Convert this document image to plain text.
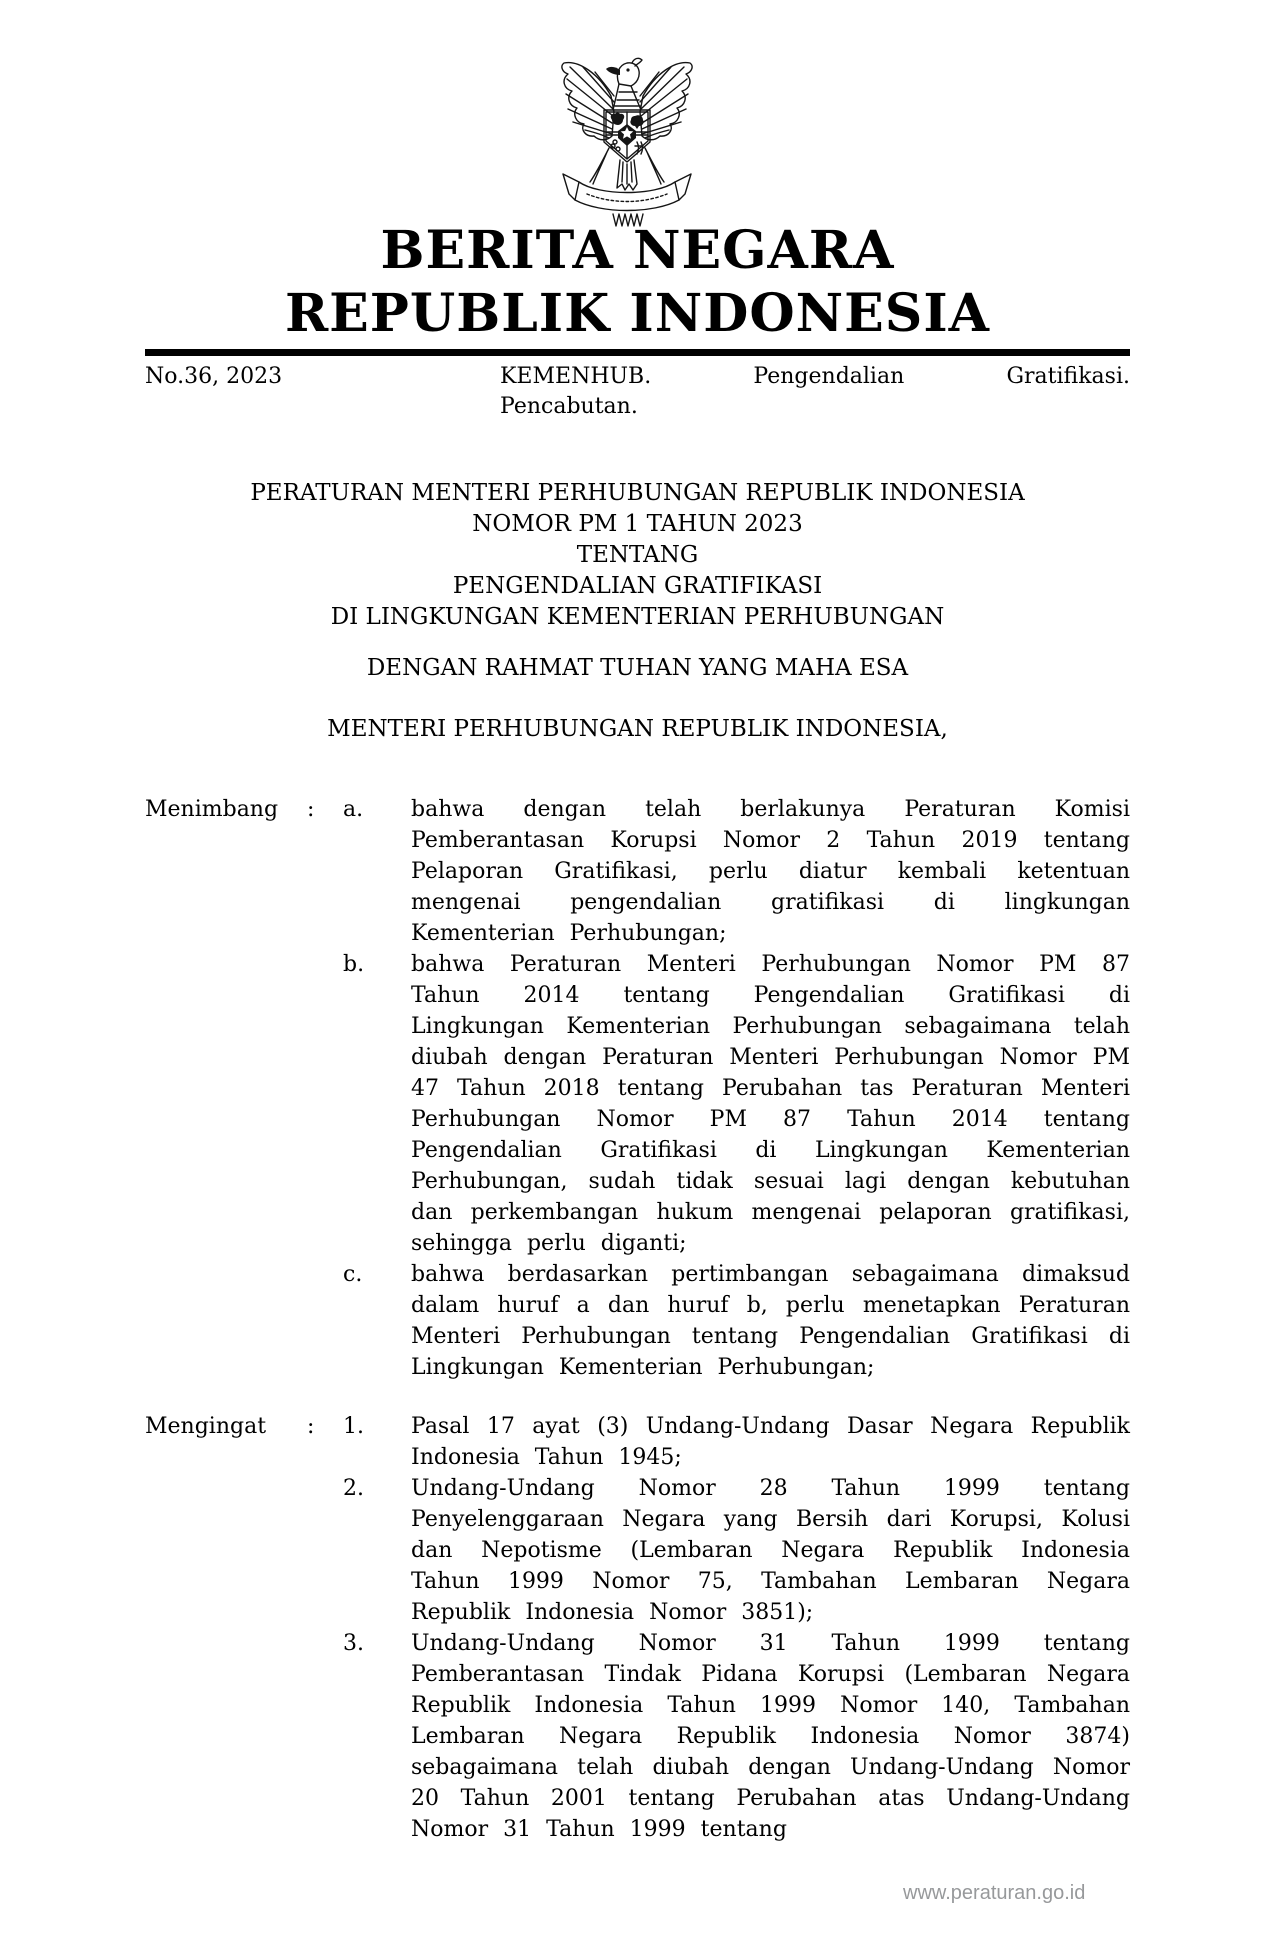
BERITA NEGARA
REPUBLIK INDONESIA
No.36, 2023	KEMENHUB.	Pengendalian	Gratifikasi.
Pencabutan.
PERATURAN MENTERI PERHUBUNGAN REPUBLIK INDONESIA
NOMOR PM 1 TAHUN 2023
TENTANG
PENGENDALIAN GRATIFIKASI
DI LINGKUNGAN KEMENTERIAN PERHUBUNGAN
DENGAN RAHMAT TUHAN YANG MAHA ESA
MENTERI PERHUBUNGAN REPUBLIK INDONESIA,
Menimbang	:	a.	bahwa dengan telah berlakunya Peraturan Komisi Pemberantasan Korupsi Nomor 2 Tahun 2019 tentang Pelaporan Gratifikasi, perlu diatur kembali ketentuan mengenai pengendalian gratifikasi di lingkungan Kementerian Perhubungan;
b.	bahwa Peraturan Menteri Perhubungan Nomor PM 87 Tahun 2014 tentang Pengendalian Gratifikasi di Lingkungan Kementerian Perhubungan sebagaimana telah diubah dengan Peraturan Menteri Perhubungan Nomor PM 47 Tahun 2018 tentang Perubahan tas Peraturan Menteri Perhubungan Nomor PM 87 Tahun 2014 tentang Pengendalian Gratifikasi di Lingkungan Kementerian Perhubungan, sudah tidak sesuai lagi dengan kebutuhan dan perkembangan hukum mengenai pelaporan gratifikasi, sehingga perlu diganti;
c.	bahwa berdasarkan pertimbangan sebagaimana dimaksud dalam huruf a dan huruf b, perlu menetapkan Peraturan Menteri Perhubungan tentang Pengendalian Gratifikasi di Lingkungan Kementerian Perhubungan;
Mengingat	:	1.	Pasal 17 ayat (3) Undang-Undang Dasar Negara Republik Indonesia Tahun 1945;
2.	Undang-Undang Nomor 28 Tahun 1999 tentang Penyelenggaraan Negara yang Bersih dari Korupsi, Kolusi dan Nepotisme (Lembaran Negara Republik Indonesia Tahun 1999 Nomor 75, Tambahan Lembaran Negara Republik Indonesia Nomor 3851);
3.	Undang-Undang Nomor 31 Tahun 1999 tentang Pemberantasan Tindak Pidana Korupsi (Lembaran Negara Republik Indonesia Tahun 1999 Nomor 140, Tambahan Lembaran Negara Republik Indonesia Nomor 3874) sebagaimana telah diubah dengan Undang-Undang Nomor 20 Tahun 2001 tentang Perubahan atas Undang-Undang Nomor 31 Tahun 1999 tentang
www.peraturan.go.id
